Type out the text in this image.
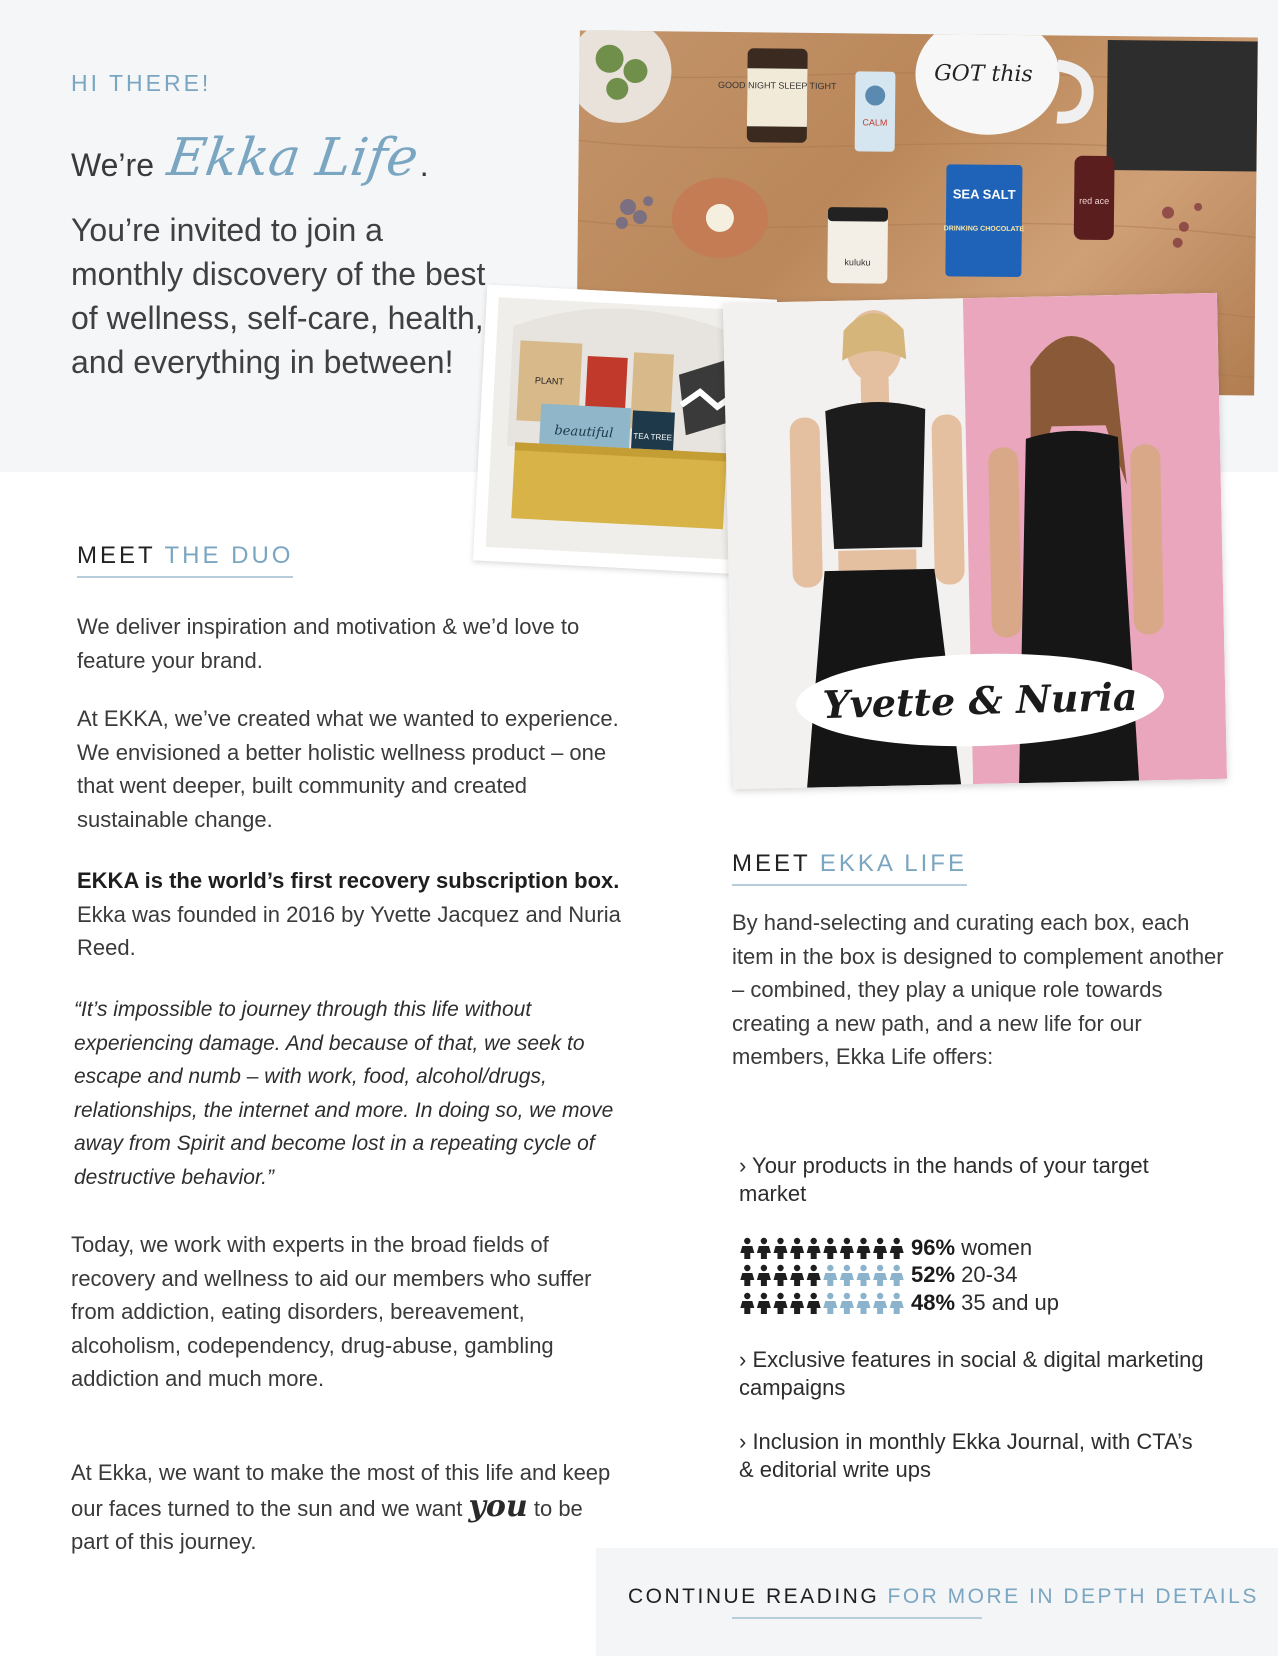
HI THERE!
We’re Ekka Life
.
You’re invited to join a monthly discovery of the best of wellness, self-care, health, and everything in between!
GOOD NIGHT SLEEP TIGHT
CALM
GOT this
kuluku
SEA SALT
DRINKING CHOCOLATE
red ace
PLANT
beautiful TEA TREE
Yvette & Nuria
MEET THE DUO
We deliver inspiration and motivation & we’d love to feature your brand.
At EKKA, we’ve created what we wanted to experience. We envisioned a better holistic wellness product – one that went deeper, built community and created sustainable change.
EKKA is the world’s first recovery subscription box. Ekka was founded in 2016 by Yvette Jacquez and Nuria Reed.
“It’s impossible to journey through this life without experiencing damage. And because of that, we seek to escape and numb – with work, food, alcohol/drugs, relationships, the internet and more. In doing so, we move away from Spirit and become lost in a repeating cycle of destructive behavior.”
Today, we work with experts in the broad fields of recovery and wellness to aid our members who suffer from addiction, eating disorders, bereavement, alcoholism, codependency, drug-abuse, gambling addiction and much more.
At Ekka, we want to make the most of this life and keep our faces turned to the sun and we want you to be part of this journey.
MEET EKKA LIFE
By hand-selecting and curating each box, each item in the box is designed to complement another – combined, they play a unique role towards creating a new path, and a new life for our members, Ekka Life offers:
› Your products in the hands of your target market
96% women
52% 20-34
48% 35 and up
› Exclusive features in social & digital marketing campaigns
› Inclusion in monthly Ekka Journal, with CTA’s & editorial write ups
CONTINUE READING FOR MORE IN DEPTH DETAILS
